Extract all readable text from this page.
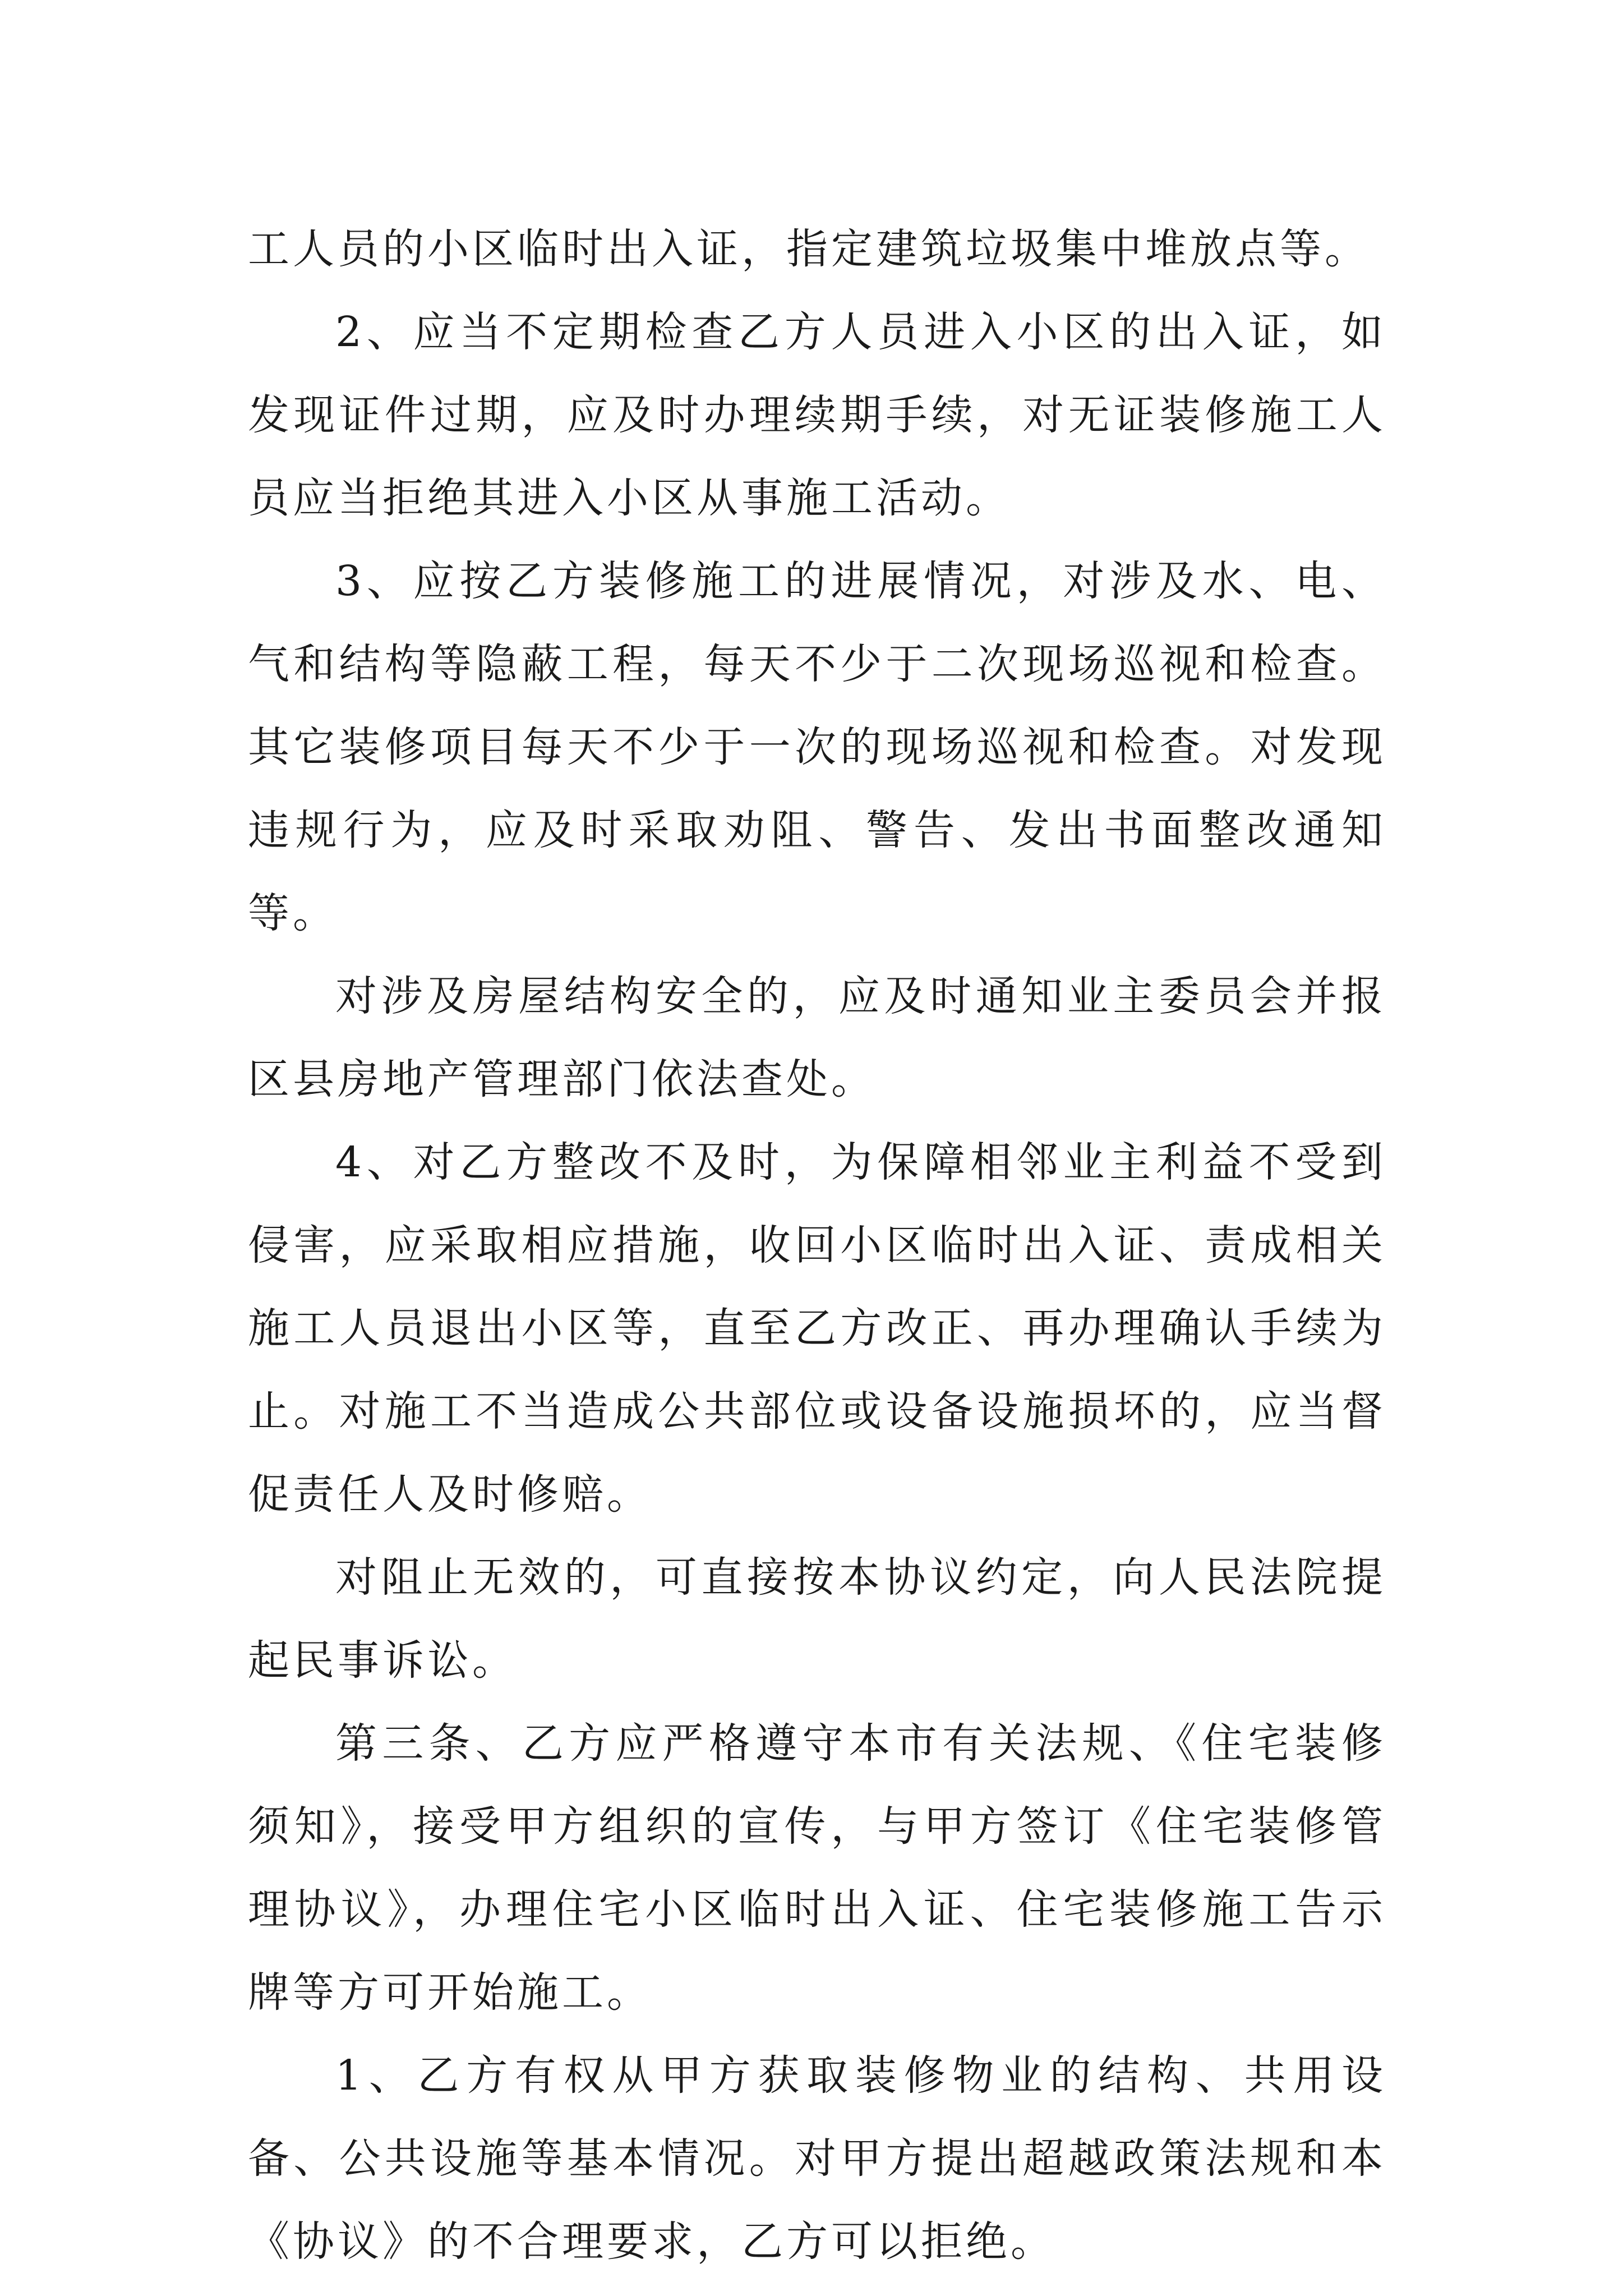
工人员的小区临时出入证，指定建筑垃圾集中堆放点等。

2、应当不定期检查乙方人员进入小区的出入证，如发现证件过期，应及时办理续期手续，对无证装修施工人员应当拒绝其进入小区从事施工活动。

3、应按乙方装修施工的进展情况，对涉及水、电、气和结构等隐蔽工程，每天不少于二次现场巡视和检查。其它装修项目每天不少于一次的现场巡视和检查。对发现违规行为，应及时采取劝阻、警告、发出书面整改通知等。

对涉及房屋结构安全的，应及时通知业主委员会并报区县房地产管理部门依法查处。

4、对乙方整改不及时，为保障相邻业主利益不受到侵害，应采取相应措施，收回小区临时出入证、责成相关施工人员退出小区等，直至乙方改正、再办理确认手续为止。对施工不当造成公共部位或设备设施损坏的，应当督促责任人及时修赔。

对阻止无效的，可直接按本协议约定，向人民法院提起民事诉讼。

第三条、乙方应严格遵守本市有关法规、《住宅装修须知》，接受甲方组织的宣传，与甲方签订《住宅装修管理协议》，办理住宅小区临时出入证、住宅装修施工告示牌等方可开始施工。

1、乙方有权从甲方获取装修物业的结构、共用设备、公共设施等基本情况。对甲方提出超越政策法规和本《协议》的不合理要求，乙方可以拒绝。
